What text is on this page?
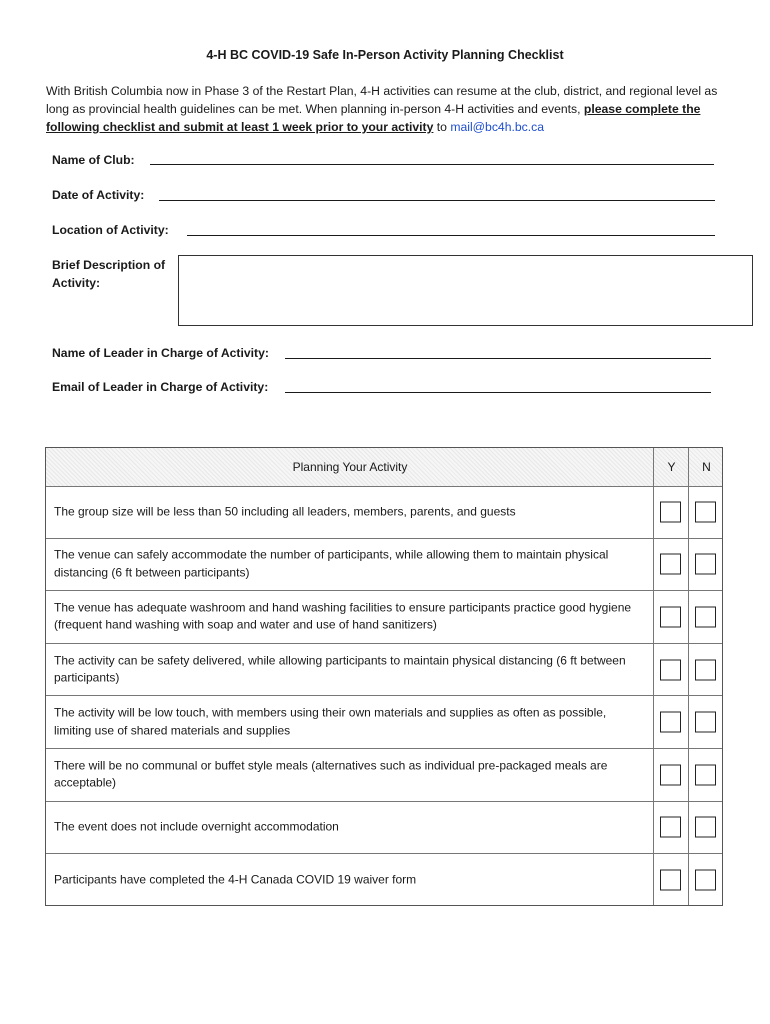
4-H BC COVID-19 Safe In-Person Activity Planning Checklist
With British Columbia now in Phase 3 of the Restart Plan, 4-H activities can resume at the club, district, and regional level as long as provincial health guidelines can be met. When planning in-person 4-H activities and events, please complete the following checklist and submit at least 1 week prior to your activity to mail@bc4h.bc.ca
Name of Club:
Date of Activity:
Location of Activity:
Brief Description of Activity:
Name of Leader in Charge of Activity:
Email of Leader in Charge of Activity:
Planning Your Activity	Y	N
The group size will be less than 50 including all leaders, members, parents, and guests
The venue can safely accommodate the number of participants, while allowing them to maintain physical distancing (6 ft between participants)
The venue has adequate washroom and hand washing facilities to ensure participants practice good hygiene (frequent hand washing with soap and water and use of hand sanitizers)
The activity can be safety delivered, while allowing participants to maintain physical distancing (6 ft between participants)
The activity will be low touch, with members using their own materials and supplies as often as possible, limiting use of shared materials and supplies
There will be no communal or buffet style meals (alternatives such as individual pre-packaged meals are acceptable)
The event does not include overnight accommodation
Participants have completed the 4-H Canada COVID 19 waiver form
